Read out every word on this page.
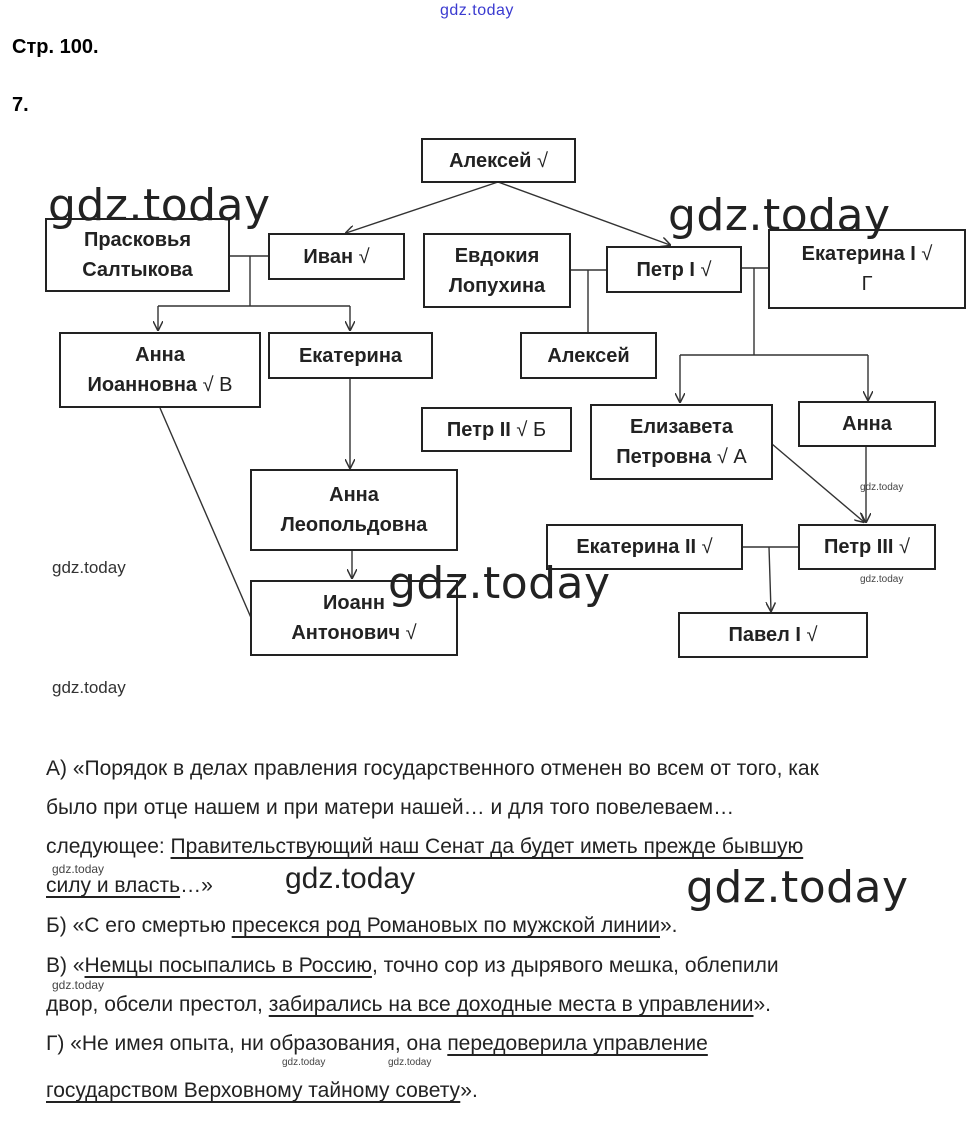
gdz.today
Стр. 100.
7.
Алексей √
Прасковья
Салтыкова
Иван √	Евдокия
Лопухина
Петр I √
Екатерина I √
Г
Анна
Иоанновна √ В
Екатерина	Алексей
Петр II √ Б	Елизавета
Петровна √ А
Анна
Анна
Леопольдовна
Екатерина II √	Петр III √
Иоанн
Антонович √	Павел I √
gdz.today	gdz.today
gdz.today
gdz.today
gdz.today
gdz.today
gdz.today
gdz.today
gdz.today
gdz.today
gdz.today
gdz.today	gdz.today
А) «Порядок в делах правления государственного отменен во всем от того, как
было при отце нашем и при матери нашей… и для того повелеваем…
следующее: Правительствующий наш Сенат да будет иметь прежде бывшую
силу и власть…»
Б) «С его смертью пресекся род Романовых по мужской линии».
В) «Немцы посыпались в Россию, точно сор из дырявого мешка, облепили
двор, обсели престол, забирались на все доходные места в управлении».
Г) «Не имея опыта, ни образования, она передоверила управление
государством Верховному тайному совету».
